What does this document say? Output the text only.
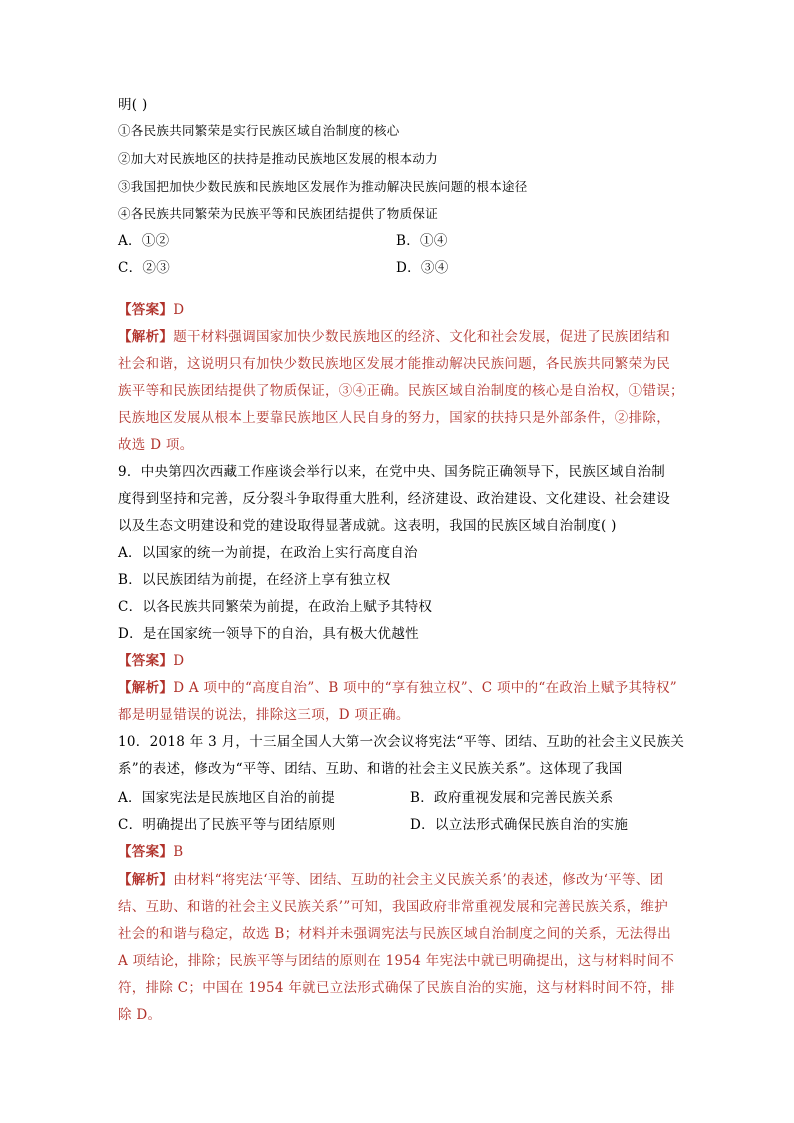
明( )
①各民族共同繁荣是实行民族区域自治制度的核心
②加大对民族地区的扶持是推动民族地区发展的根本动力
③我国把加快少数民族和民族地区发展作为推动解决民族问题的根本途径
④各民族共同繁荣为民族平等和民族团结提供了物质保证
A．①②	B．①④
C．②③	D．③④
【答案】D
【解析】题干材料强调国家加快少数民族地区的经济、文化和社会发展，促进了民族团结和
社会和谐，这说明只有加快少数民族地区发展才能推动解决民族问题，各民族共同繁荣为民
族平等和民族团结提供了物质保证，③④正确。民族区域自治制度的核心是自治权，①错误；
民族地区发展从根本上要靠民族地区人民自身的努力，国家的扶持只是外部条件，②排除，
故选 D 项。
9．中央第四次西藏工作座谈会举行以来，在党中央、国务院正确领导下，民族区域自治制
度得到坚持和完善，反分裂斗争取得重大胜利，经济建设、政治建设、文化建设、社会建设
以及生态文明建设和党的建设取得显著成就。这表明，我国的民族区域自治制度( )
A．以国家的统一为前提，在政治上实行高度自治
B．以民族团结为前提，在经济上享有独立权
C．以各民族共同繁荣为前提，在政治上赋予其特权
D．是在国家统一领导下的自治，具有极大优越性
【答案】D
【解析】D A 项中的“高度自治”、B 项中的“享有独立权”、C 项中的“在政治上赋予其特权”
都是明显错误的说法，排除这三项，D 项正确。
10．2018 年 3 月，十三届全国人大第一次会议将宪法“平等、团结、互助的社会主义民族关
系”的表述，修改为“平等、团结、互助、和谐的社会主义民族关系”。这体现了我国
A．国家宪法是民族地区自治的前提	B．政府重视发展和完善民族关系
C．明确提出了民族平等与团结原则	D．以立法形式确保民族自治的实施
【答案】B
【解析】由材料“将宪法‘平等、团结、互助的社会主义民族关系’的表述，修改为‘平等、团
结、互助、和谐的社会主义民族关系’”可知，我国政府非常重视发展和完善民族关系，维护
社会的和谐与稳定，故选 B；材料并未强调宪法与民族区域自治制度之间的关系，无法得出
A 项结论，排除；民族平等与团结的原则在 1954 年宪法中就已明确提出，这与材料时间不
符，排除 C；中国在 1954 年就已立法形式确保了民族自治的实施，这与材料时间不符，排
除 D。
